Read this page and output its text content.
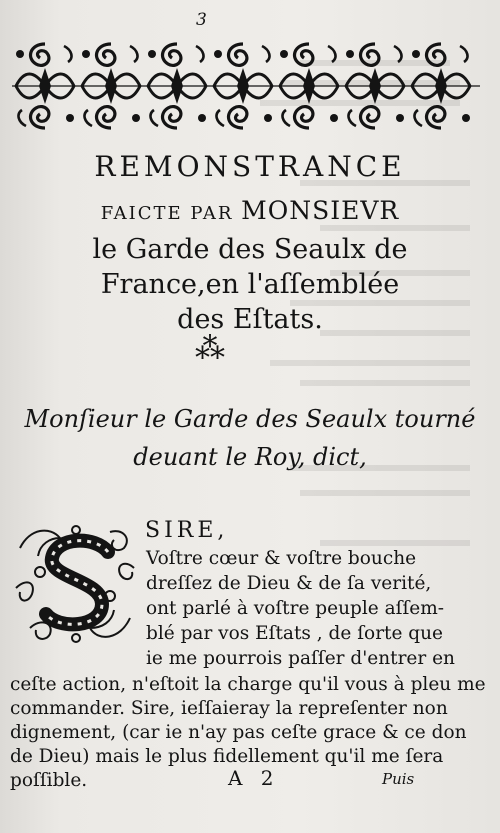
3
REMONSTRANCE
FAICTE PAR MONSIEVR
le Garde des Seaulx de
France,en l'aſſemblée
des Eſtats.
⁂
Monſieur le Garde des Seaulx tourné
deuant le Roy, dict,
SIRE,
Voſtre cœur & voſtre bouche
dreſſez de Dieu & de ſa verité,
ont parlé à voſtre peuple aſſem-
blé par vos Eſtats , de ſorte que
ie me pourrois paſſer d'entrer en
ceſte action, n'eſtoit la charge qu'il vous à pleu me
commander. Sire, ieſſaieray la repreſenter non
dignement, (car ie n'ay pas ceſte grace & ce don
de Dieu) mais le plus fidellement qu'il me ſera
poſſible.	A 2	Puis
